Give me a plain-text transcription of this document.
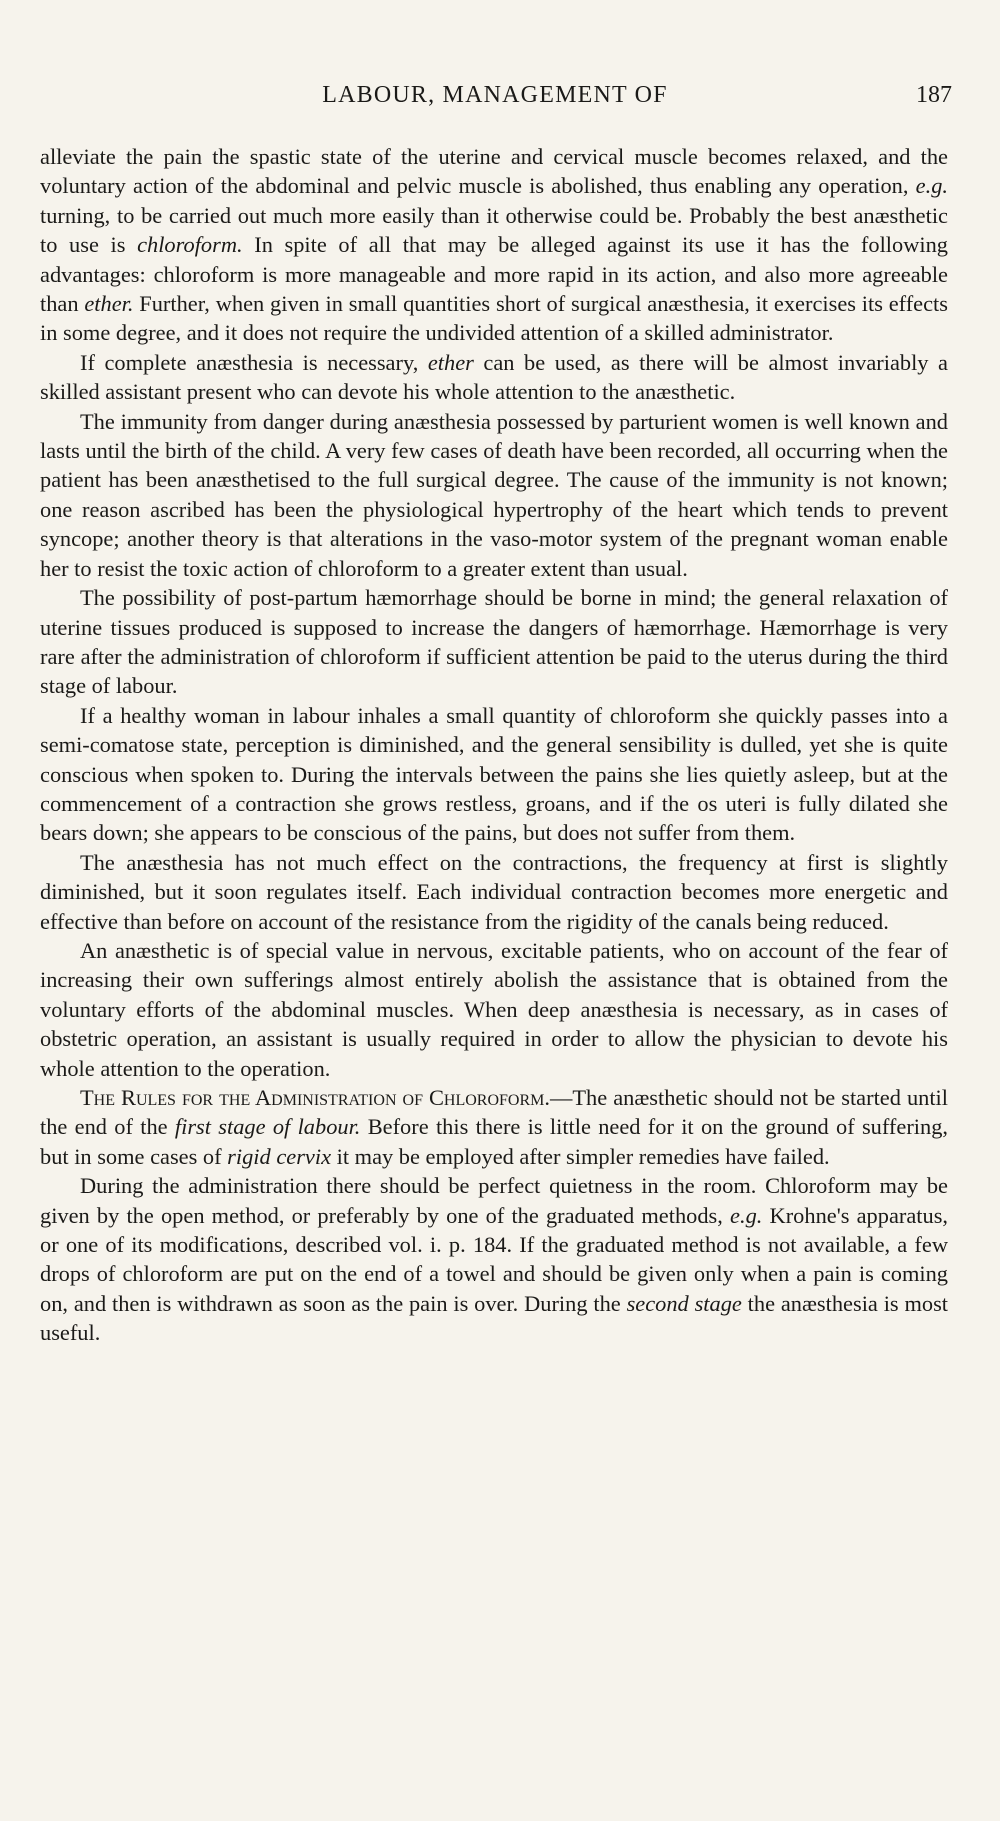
LABOUR, MANAGEMENT OF	187

alleviate the pain the spastic state of the uterine and cervical muscle becomes relaxed, and the voluntary action of the abdominal and pelvic muscle is abolished, thus enabling any operation, e.g. turning, to be carried out much more easily than it otherwise could be. Probably the best anæsthetic to use is chloroform. In spite of all that may be alleged against its use it has the following advantages: chloroform is more manageable and more rapid in its action, and also more agreeable than ether. Further, when given in small quantities short of surgical anæsthesia, it exercises its effects in some degree, and it does not require the undivided attention of a skilled administrator.

If complete anæsthesia is necessary, ether can be used, as there will be almost invariably a skilled assistant present who can devote his whole attention to the anæsthetic.

The immunity from danger during anæsthesia possessed by parturient women is well known and lasts until the birth of the child. A very few cases of death have been recorded, all occurring when the patient has been anæsthetised to the full surgical degree. The cause of the immunity is not known; one reason ascribed has been the physiological hypertrophy of the heart which tends to prevent syncope; another theory is that alterations in the vaso-motor system of the pregnant woman enable her to resist the toxic action of chloroform to a greater extent than usual.

The possibility of post-partum hæmorrhage should be borne in mind; the general relaxation of uterine tissues produced is supposed to increase the dangers of hæmorrhage. Hæmorrhage is very rare after the administration of chloroform if sufficient attention be paid to the uterus during the third stage of labour.

If a healthy woman in labour inhales a small quantity of chloroform she quickly passes into a semi-comatose state, perception is diminished, and the general sensibility is dulled, yet she is quite conscious when spoken to. During the intervals between the pains she lies quietly asleep, but at the commencement of a contraction she grows restless, groans, and if the os uteri is fully dilated she bears down; she appears to be conscious of the pains, but does not suffer from them.

The anæsthesia has not much effect on the contractions, the frequency at first is slightly diminished, but it soon regulates itself. Each individual contraction becomes more energetic and effective than before on account of the resistance from the rigidity of the canals being reduced.

An anæsthetic is of special value in nervous, excitable patients, who on account of the fear of increasing their own sufferings almost entirely abolish the assistance that is obtained from the voluntary efforts of the abdominal muscles. When deep anæsthesia is necessary, as in cases of obstetric operation, an assistant is usually required in order to allow the physician to devote his whole attention to the operation.

The Rules for the Administration of Chloroform.—The anæsthetic should not be started until the end of the first stage of labour. Before this there is little need for it on the ground of suffering, but in some cases of rigid cervix it may be employed after simpler remedies have failed.

During the administration there should be perfect quietness in the room. Chloroform may be given by the open method, or preferably by one of the graduated methods, e.g. Krohne's apparatus, or one of its modifications, described vol. i. p. 184. If the graduated method is not available, a few drops of chloroform are put on the end of a towel and should be given only when a pain is coming on, and then is withdrawn as soon as the pain is over. During the second stage the anæsthesia is most useful.
